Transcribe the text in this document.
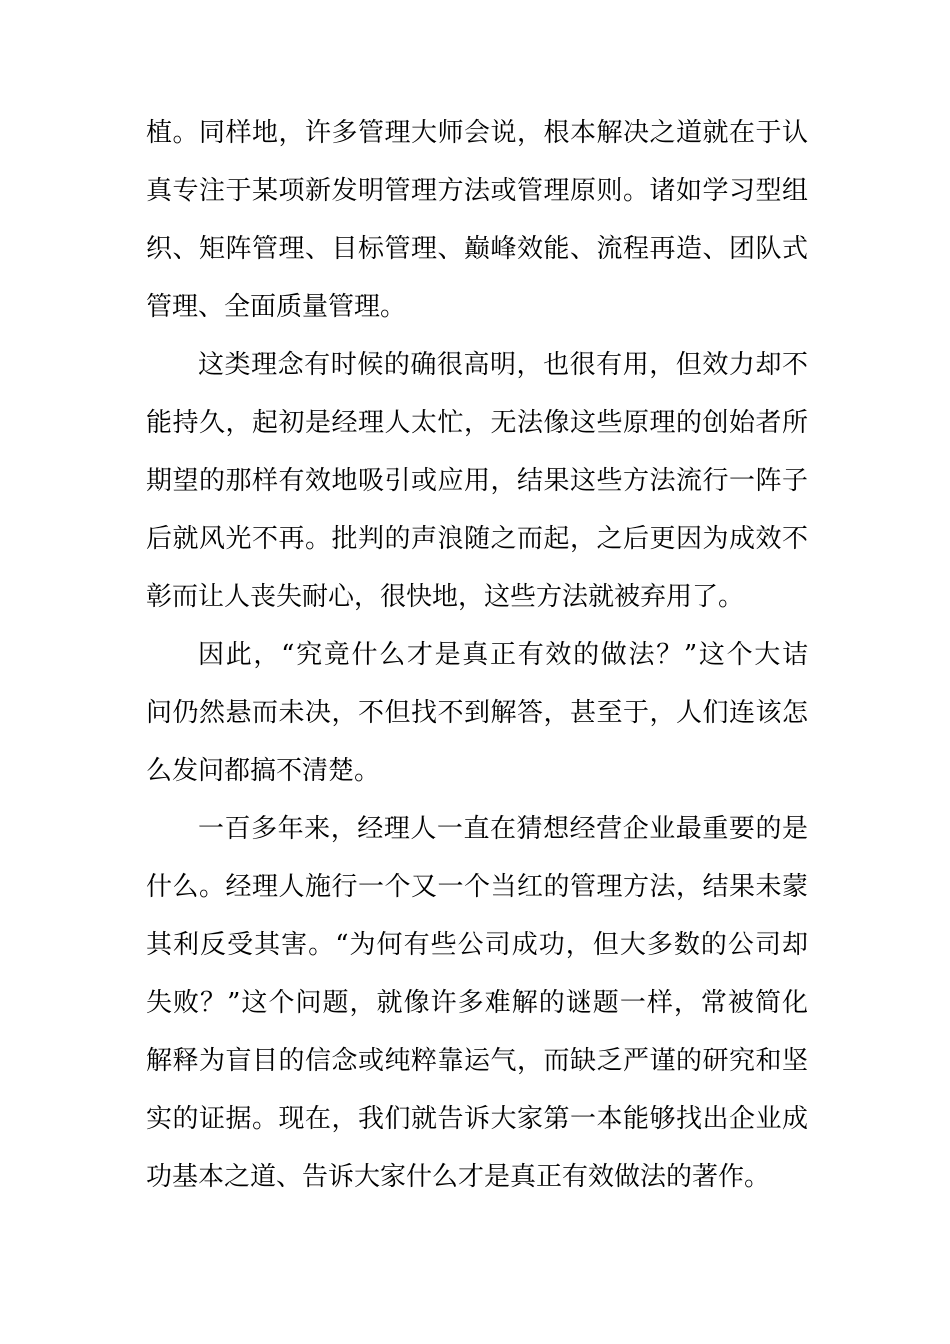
植。同样地，许多管理大师会说，根本解决之道就在于认
真专注于某项新发明管理方法或管理原则。诸如学习型组
织、矩阵管理、目标管理、巅峰效能、流程再造、团队式
管理、全面质量管理。
这类理念有时候的确很高明，也很有用，但效力却不
能持久，起初是经理人太忙，无法像这些原理的创始者所
期望的那样有效地吸引或应用，结果这些方法流行一阵子
后就风光不再。批判的声浪随之而起，之后更因为成效不
彰而让人丧失耐心，很快地，这些方法就被弃用了。
因此，“究竟什么才是真正有效的做法？”这个大诘
问仍然悬而未决，不但找不到解答，甚至于，人们连该怎
么发问都搞不清楚。
一百多年来，经理人一直在猜想经营企业最重要的是
什么。经理人施行一个又一个当红的管理方法，结果未蒙
其利反受其害。“为何有些公司成功，但大多数的公司却
失败？”这个问题，就像许多难解的谜题一样，常被简化
解释为盲目的信念或纯粹靠运气，而缺乏严谨的研究和坚
实的证据。现在，我们就告诉大家第一本能够找出企业成
功基本之道、告诉大家什么才是真正有效做法的著作。
